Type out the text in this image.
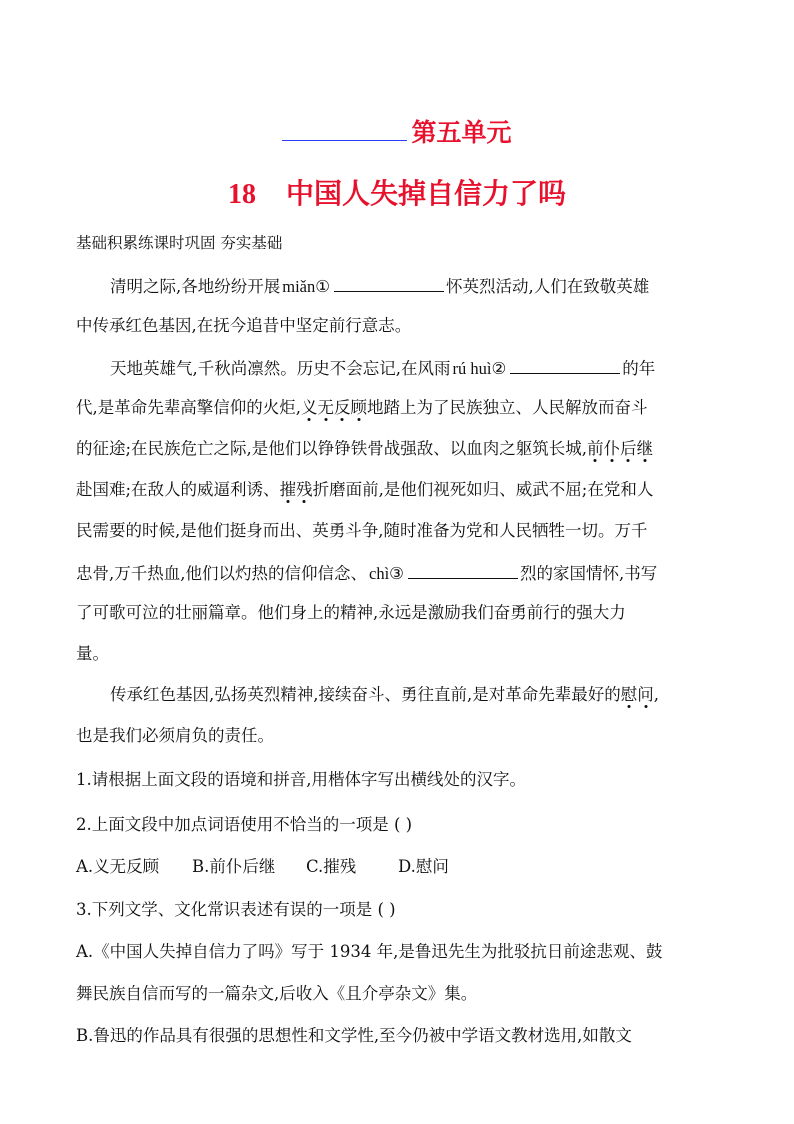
第五单元
18 中国人失掉自信力了吗
基础积累练课时巩固 夯实基础
清明之际,各地纷纷开展 miǎn①	怀英烈活动,人们在致敬英雄
中传承红色基因,在抚今追昔中坚定前行意志。
天地英雄气,千秋尚凛然。历史不会忘记,在风雨 rú huì②	的年
代,是革命先辈高擎信仰的火炬,义无反顾地踏上为了民族独立、人民解放而奋斗
的征途;在民族危亡之际,是他们以铮铮铁骨战强敌、以血肉之躯筑长城,前仆后继
赴国难;在敌人的威逼利诱、摧残折磨面前,是他们视死如归、威武不屈;在党和人
民需要的时候,是他们挺身而出、英勇斗争,随时准备为党和人民牺牲一切。万千
忠骨,万千热血,他们以灼热的信仰信念、 chì③	烈的家国情怀,书写
了可歌可泣的壮丽篇章。他们身上的精神,永远是激励我们奋勇前行的强大力
量。
传承红色基因,弘扬英烈精神,接续奋斗、勇往直前,是对革命先辈最好的慰问,
也是我们必须肩负的责任。
1.请根据上面文段的语境和拼音,用楷体字写出横线处的汉字。
2.上面文段中加点词语使用不恰当的一项是 ( )
A.义无反顾 B.前仆后继 C.摧残	D.慰问
3.下列文学、文化常识表述有误的一项是 ( )
A.《中国人失掉自信力了吗》写于 1934 年,是鲁迅先生为批驳抗日前途悲观、鼓
舞民族自信而写的一篇杂文,后收入《且介亭杂文》集。
B.鲁迅的作品具有很强的思想性和文学性,至今仍被中学语文教材选用,如散文
